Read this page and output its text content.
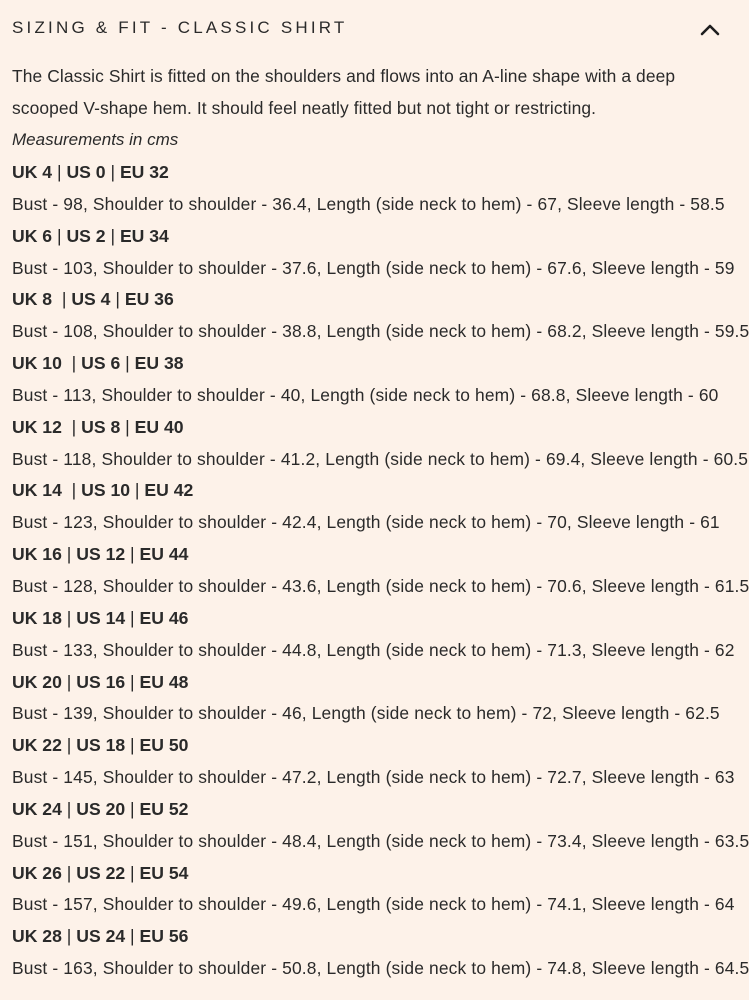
SIZING & FIT - CLASSIC SHIRT

The Classic Shirt is fitted on the shoulders and flows into an A-line shape with a deep scooped V-shape hem. It should feel neatly fitted but not tight or restricting.

Measurements in cms

UK 4 | US 0 | EU 32
Bust - 98, Shoulder to shoulder - 36.4, Length (side neck to hem) - 67, Sleeve length - 58.5
UK 6 | US 2 | EU 34
Bust - 103, Shoulder to shoulder - 37.6, Length (side neck to hem) - 67.6, Sleeve length - 59
UK 8  | US 4 | EU 36
Bust - 108, Shoulder to shoulder - 38.8, Length (side neck to hem) - 68.2, Sleeve length - 59.5
UK 10  | US 6 | EU 38
Bust - 113, Shoulder to shoulder - 40, Length (side neck to hem) - 68.8, Sleeve length - 60
UK 12  | US 8 | EU 40
Bust - 118, Shoulder to shoulder - 41.2, Length (side neck to hem) - 69.4, Sleeve length - 60.5
UK 14  | US 10 | EU 42
Bust - 123, Shoulder to shoulder - 42.4, Length (side neck to hem) - 70, Sleeve length - 61
UK 16 | US 12 | EU 44
Bust - 128, Shoulder to shoulder - 43.6, Length (side neck to hem) - 70.6, Sleeve length - 61.5
UK 18 | US 14 | EU 46
Bust - 133, Shoulder to shoulder - 44.8, Length (side neck to hem) - 71.3, Sleeve length - 62
UK 20 | US 16 | EU 48
Bust - 139, Shoulder to shoulder - 46, Length (side neck to hem) - 72, Sleeve length - 62.5
UK 22 | US 18 | EU 50
Bust - 145, Shoulder to shoulder - 47.2, Length (side neck to hem) - 72.7, Sleeve length - 63
UK 24 | US 20 | EU 52
Bust - 151, Shoulder to shoulder - 48.4, Length (side neck to hem) - 73.4, Sleeve length - 63.5
UK 26 | US 22 | EU 54
Bust - 157, Shoulder to shoulder - 49.6, Length (side neck to hem) - 74.1, Sleeve length - 64
UK 28 | US 24 | EU 56
Bust - 163, Shoulder to shoulder - 50.8, Length (side neck to hem) - 74.8, Sleeve length - 64.5
